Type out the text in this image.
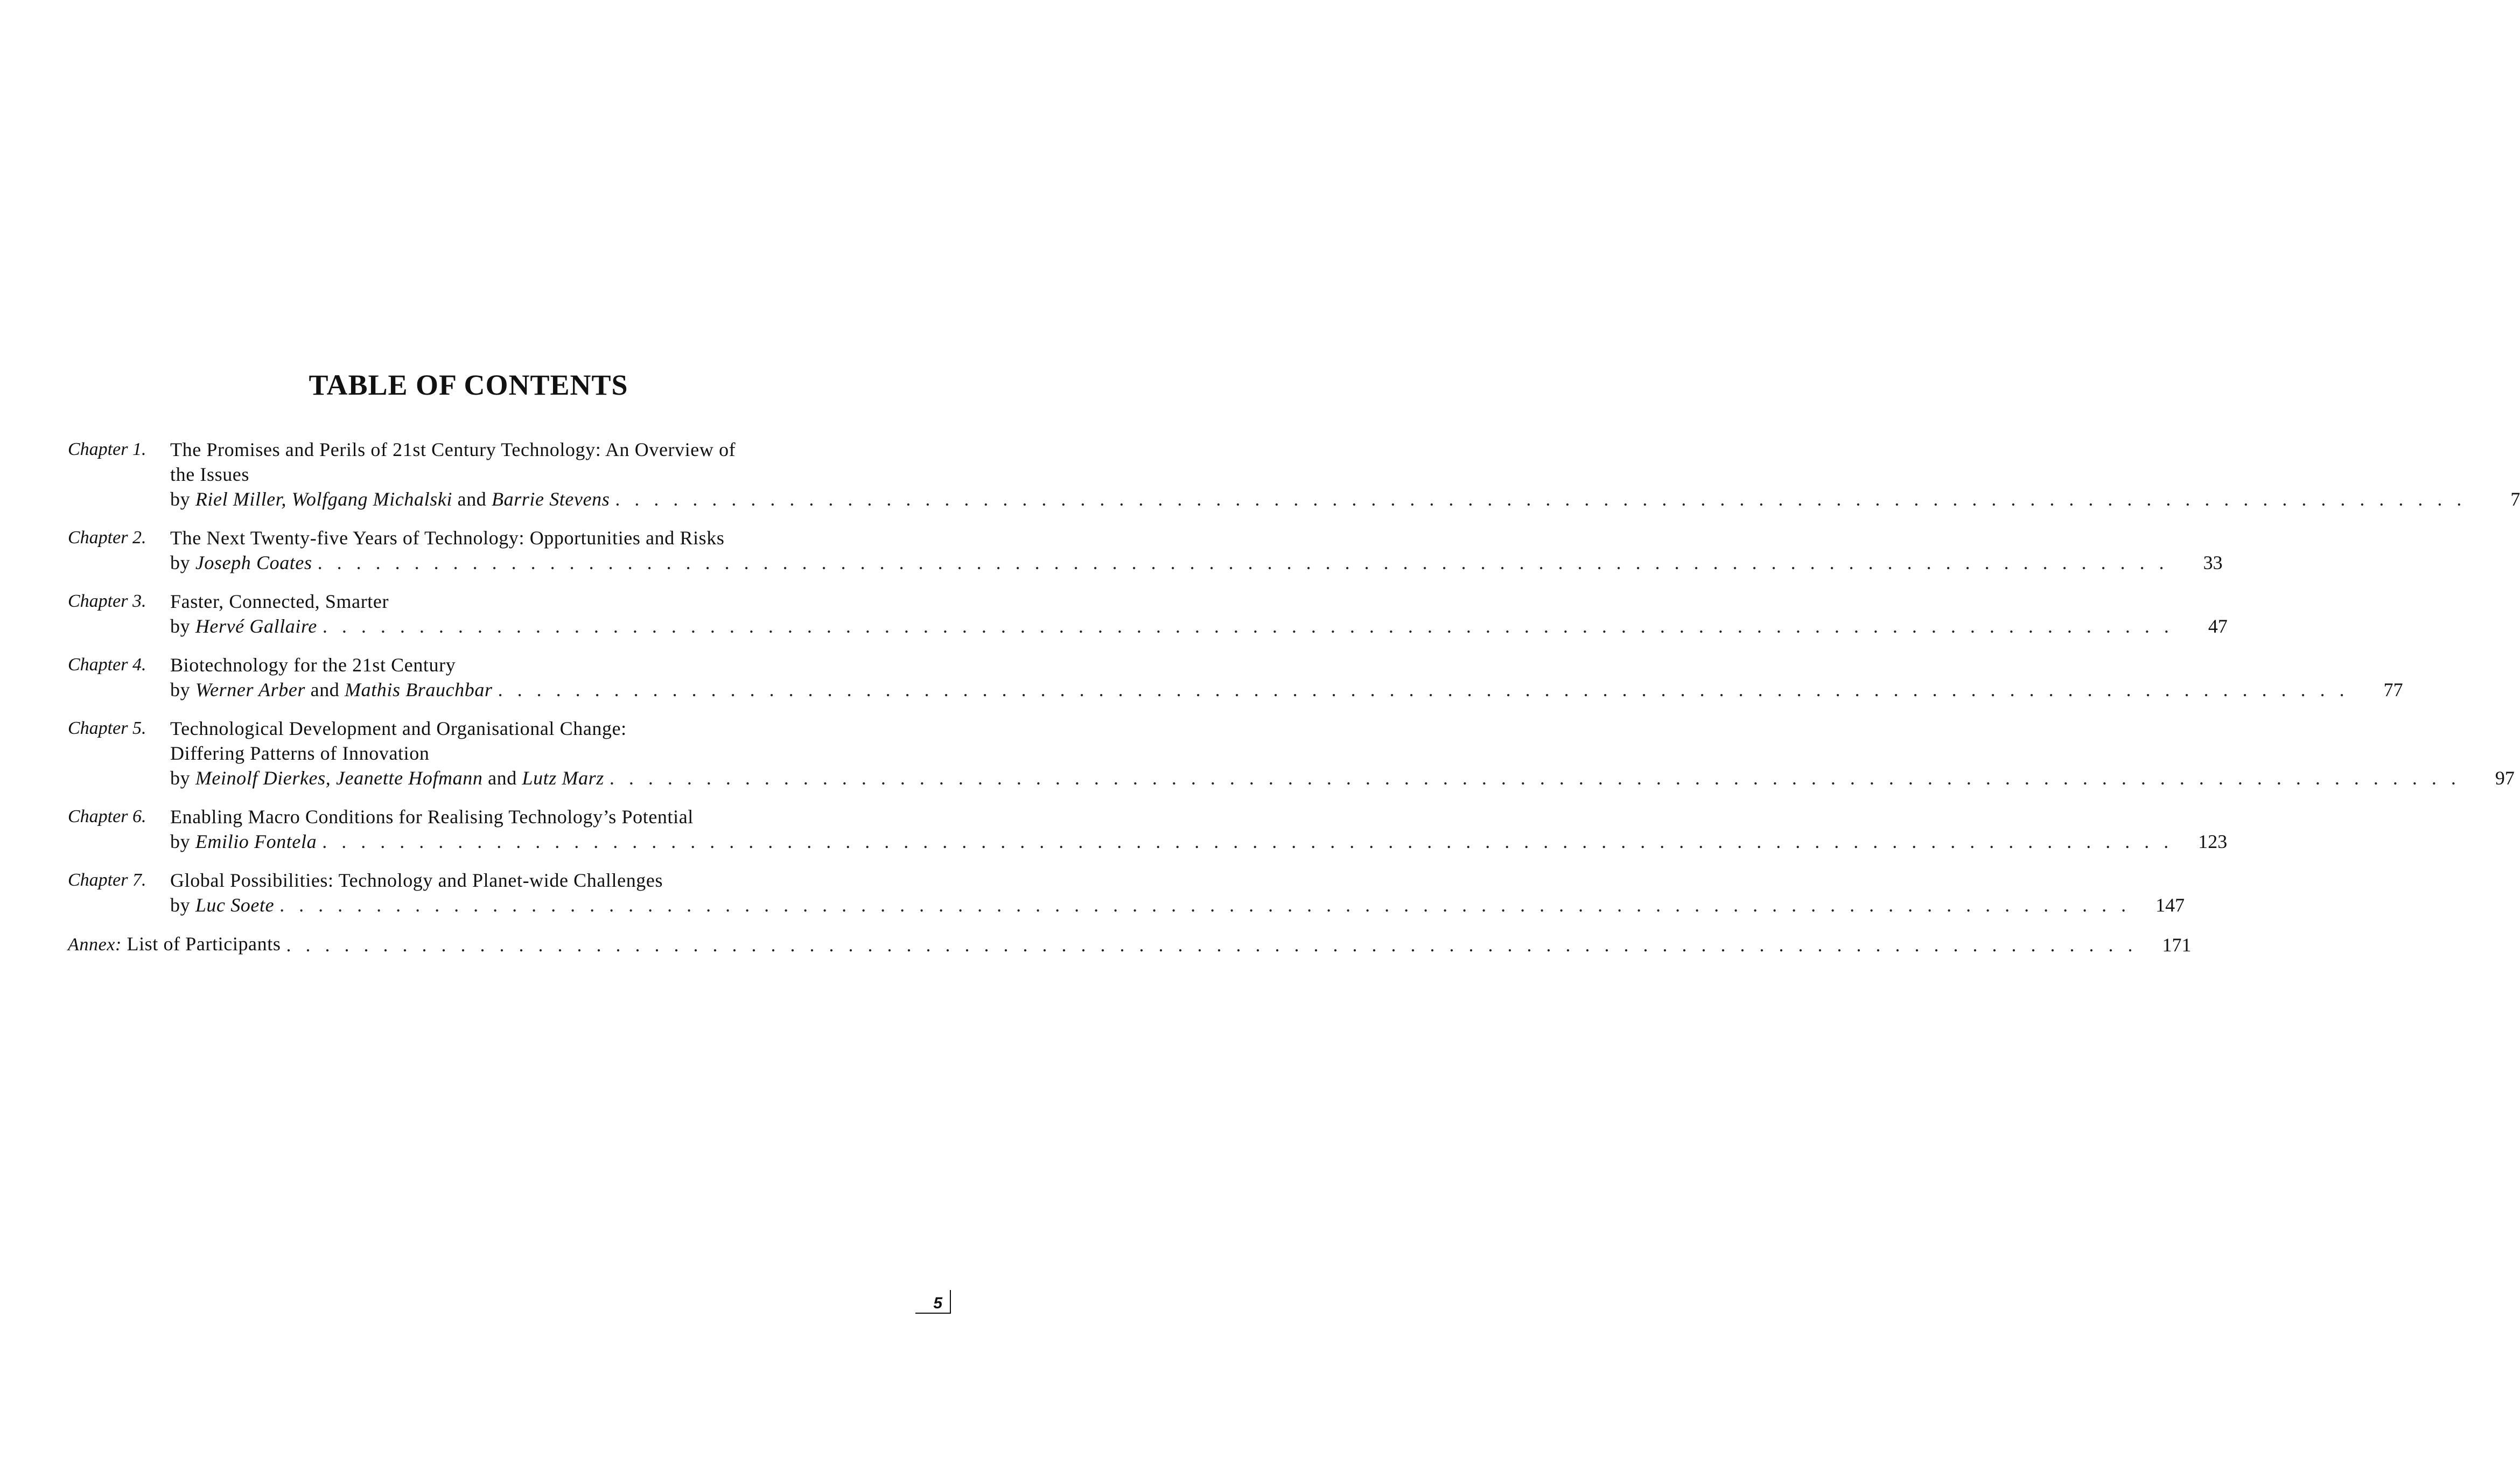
TABLE OF CONTENTS
Chapter 1.	The Promises and Perils of 21st Century Technology: An Overview of
the Issues
by Riel Miller, Wolfgang Michalski and Barrie Stevens . . . . . . . . . . . . . . . . . . . . . . . . . . . . . . . . . . . . . . . . . . . . . . . . . . . . . . . . . . . . . . . . . . . . . . . . . . . . . . . . . . . . . . . . . . . . . . . .	7
Chapter 2.	The Next Twenty-five Years of Technology: Opportunities and Risks
by Joseph Coates . . . . . . . . . . . . . . . . . . . . . . . . . . . . . . . . . . . . . . . . . . . . . . . . . . . . . . . . . . . . . . . . . . . . . . . . . . . . . . . . . . . . . . . . . . . . . . . .	33
Chapter 3.	Faster, Connected, Smarter
by Hervé Gallaire . . . . . . . . . . . . . . . . . . . . . . . . . . . . . . . . . . . . . . . . . . . . . . . . . . . . . . . . . . . . . . . . . . . . . . . . . . . . . . . . . . . . . . . . . . . . . . . .	47
Chapter 4.	Biotechnology for the 21st Century
by Werner Arber and Mathis Brauchbar . . . . . . . . . . . . . . . . . . . . . . . . . . . . . . . . . . . . . . . . . . . . . . . . . . . . . . . . . . . . . . . . . . . . . . . . . . . . . . . . . . . . . . . . . . . . . . . .	77
Chapter 5.	Technological Development and Organisational Change:
Differing Patterns of Innovation
by Meinolf Dierkes, Jeanette Hofmann and Lutz Marz . . . . . . . . . . . . . . . . . . . . . . . . . . . . . . . . . . . . . . . . . . . . . . . . . . . . . . . . . . . . . . . . . . . . . . . . . . . . . . . . . . . . . . . . . . . . . . . .	97
Chapter 6.	Enabling Macro Conditions for Realising Technology’s Potential
by Emilio Fontela . . . . . . . . . . . . . . . . . . . . . . . . . . . . . . . . . . . . . . . . . . . . . . . . . . . . . . . . . . . . . . . . . . . . . . . . . . . . . . . . . . . . . . . . . . . . . . . .	123
Chapter 7.	Global Possibilities: Technology and Planet-wide Challenges
by Luc Soete . . . . . . . . . . . . . . . . . . . . . . . . . . . . . . . . . . . . . . . . . . . . . . . . . . . . . . . . . . . . . . . . . . . . . . . . . . . . . . . . . . . . . . . . . . . . . . . .	147
Annex: List of Participants . . . . . . . . . . . . . . . . . . . . . . . . . . . . . . . . . . . . . . . . . . . . . . . . . . . . . . . . . . . . . . . . . . . . . . . . . . . . . . . . . . . . . . . . . . . . . . . .	171
5
